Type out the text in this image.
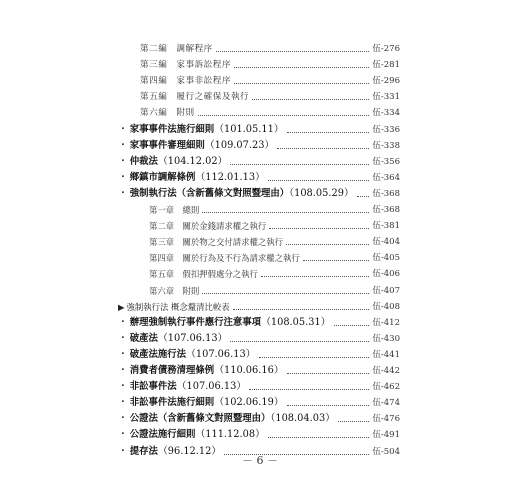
第二編　調解程序	伍-276
第三編　家事訴訟程序	伍-281
第四編　家事非訟程序	伍-296
第五編　履行之確保及執行	伍-331
第六編　附則	伍-334
・ 家事事件法施行細則（101.05.11）	伍-336
・ 家事事件審理細則（109.07.23）	伍-338
・ 仲裁法（104.12.02）	伍-356
・ 鄉鎮市調解條例（112.01.13）	伍-364
・ 強制執行法（含新舊條文對照暨理由）（108.05.29） 伍-368
第一章　總則	伍-368
第二章　關於金錢請求權之執行	伍-381
第三章　關於物之交付請求權之執行	伍-404
第四章　關於行為及不行為請求權之執行	伍-405
第五章　假扣押假處分之執行	伍-406
第六章　附則	伍-407
▶ 強制執行法 概念釐清比較表	伍-408
・ 辦理強制執行事件應行注意事項（108.05.31）	伍-412
・ 破產法（107.06.13）	伍-430
・ 破產法施行法（107.06.13）	伍-441
・ 消費者債務清理條例（110.06.16）	伍-442
・ 非訟事件法（107.06.13）	伍-462
・ 非訟事件法施行細則（102.06.19）	伍-474
・ 公證法（含新舊條文對照暨理由）（108.04.03）	伍-476
・ 公證法施行細則（111.12.08）	伍-491
・ 提存法（96.12.12）	伍-504
－ 6 －
